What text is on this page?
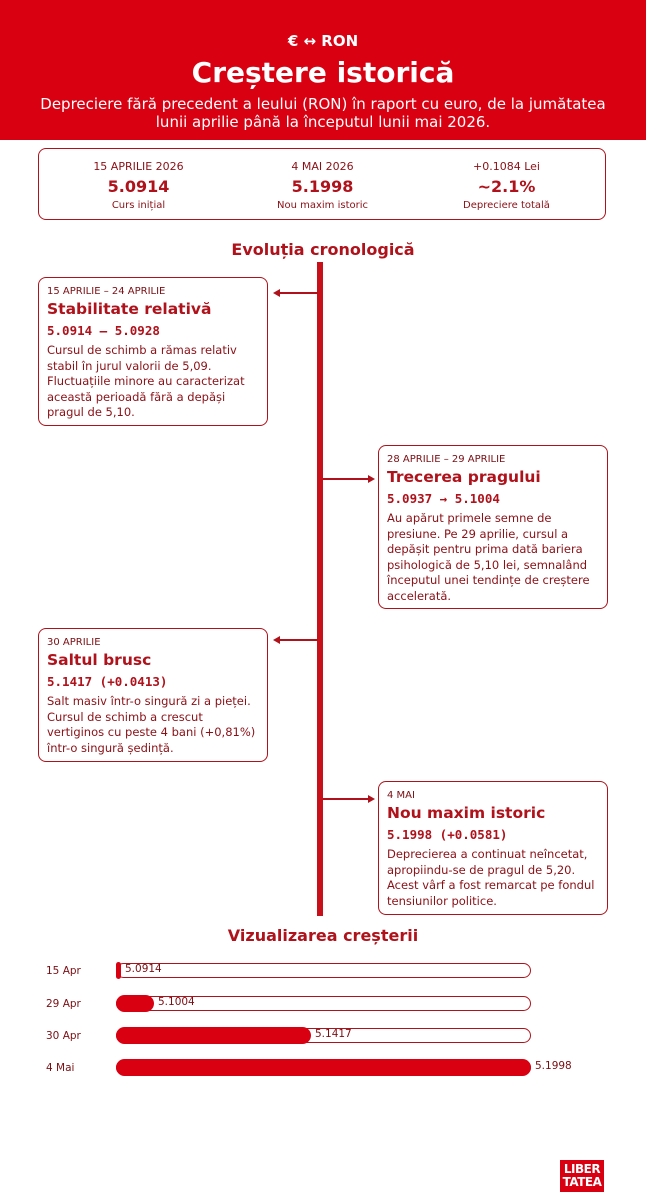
€ ↔ RON
Creștere istorică
Depreciere fără precedent a leului (RON) în raport cu euro, de la jumătatea lunii aprilie până la începutul lunii mai 2026.
15 APRILIE 2026
5.0914
Curs inițial
4 MAI 2026
5.1998
Nou maxim istoric
+0.1084 Lei
~2.1%
Depreciere totală
Evoluția cronologică
15 APRILIE – 24 APRILIE
Stabilitate relativă
5.0914 — 5.0928
Cursul de schimb a rămas relativ stabil în jurul valorii de 5,09. Fluctuațiile minore au caracterizat această perioadă fără a depăși pragul de 5,10.
28 APRILIE – 29 APRILIE
Trecerea pragului
5.0937 → 5.1004
Au apărut primele semne de presiune. Pe 29 aprilie, cursul a depășit pentru prima dată bariera psihologică de 5,10 lei, semnalând începutul unei tendințe de creștere accelerată.
30 APRILIE
Saltul brusc
5.1417 (+0.0413)
Salt masiv într-o singură zi a pieței. Cursul de schimb a crescut vertiginos cu peste 4 bani (+0,81%) într-o singură ședință.
4 MAI
Nou maxim istoric
5.1998 (+0.0581)
Deprecierea a continuat neîncetat, apropiindu-se de pragul de 5,20. Acest vârf a fost remarcat pe fondul tensiunilor politice.
Vizualizarea creșterii
15 Apr	5.0914
29 Apr	5.1004
30 Apr	5.1417
4 Mai	5.1998
LIBER
TATEA
